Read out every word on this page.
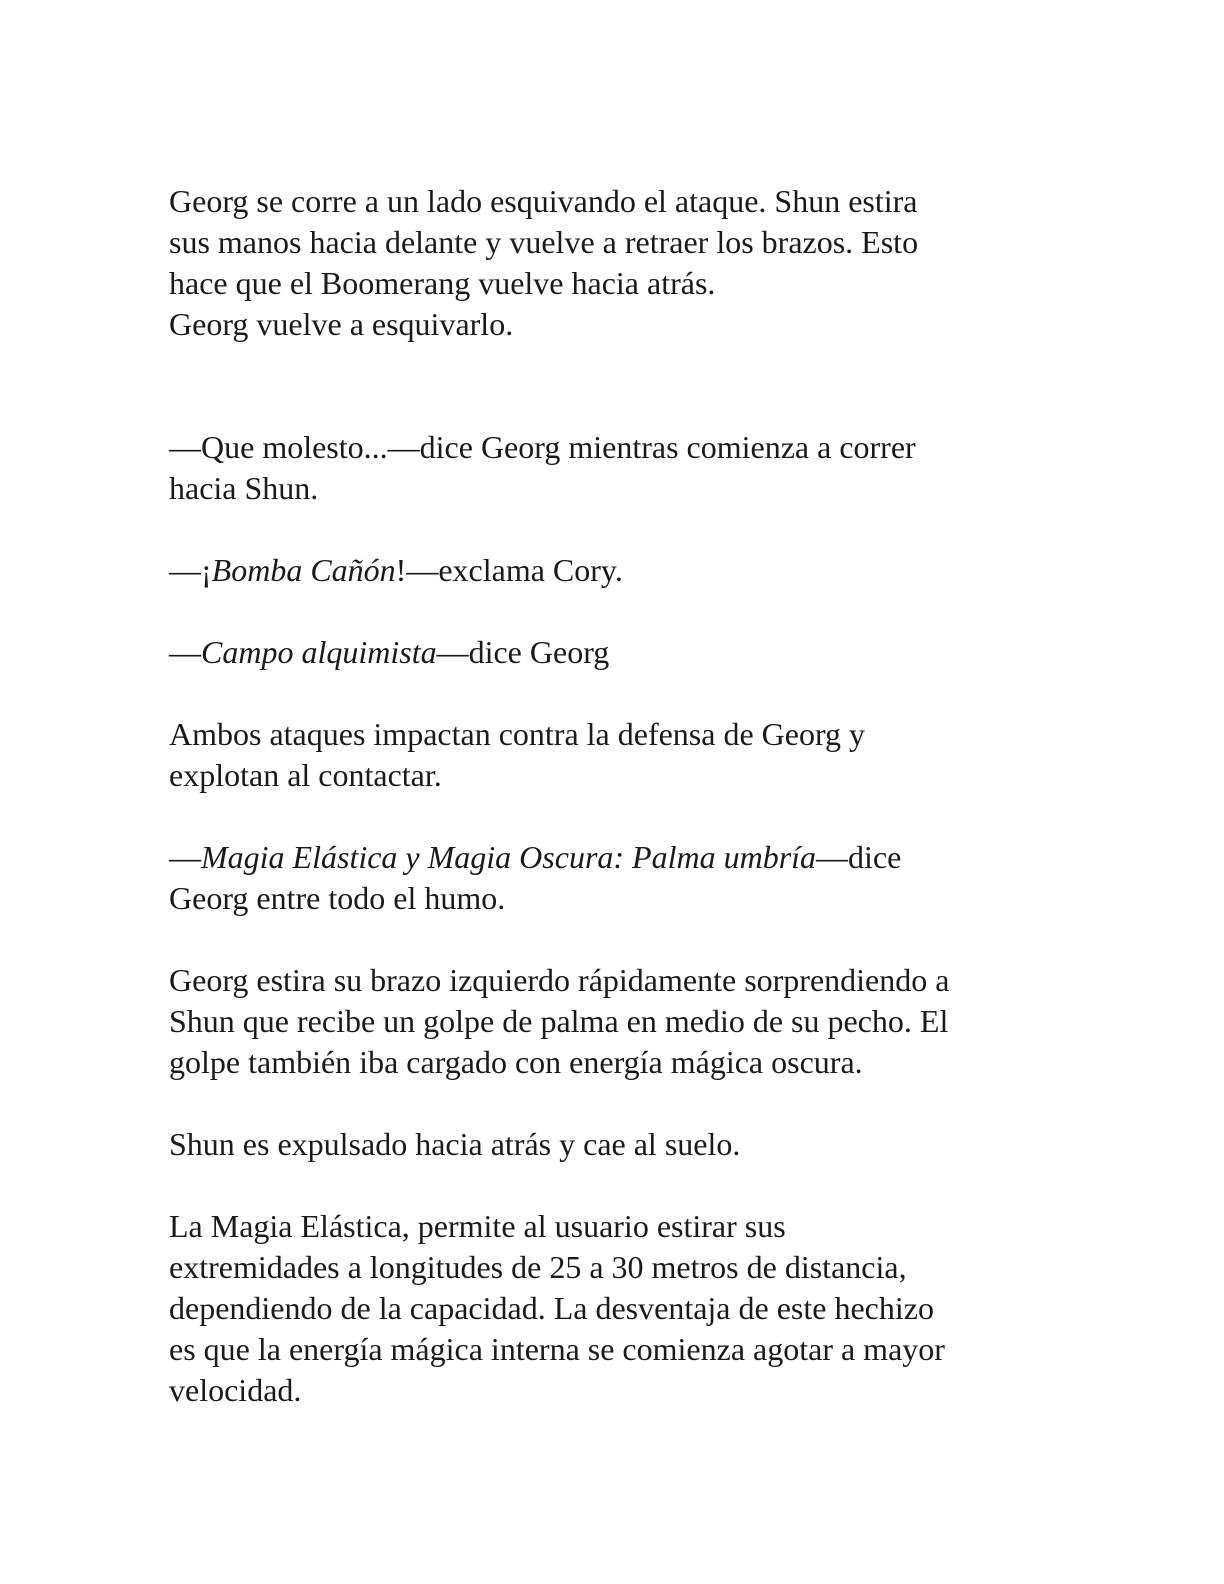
Georg se corre a un lado esquivando el ataque. Shun estira
sus manos hacia delante y vuelve a retraer los brazos. Esto
hace que el Boomerang vuelve hacia atrás.
Georg vuelve a esquivarlo.

—Que molesto...—dice Georg mientras comienza a correr
hacia Shun.

—¡Bomba Cañón!—exclama Cory.

—Campo alquimista—dice Georg

Ambos ataques impactan contra la defensa de Georg y
explotan al contactar.

—Magia Elástica y Magia Oscura: Palma umbría—dice
Georg entre todo el humo.

Georg estira su brazo izquierdo rápidamente sorprendiendo a
Shun que recibe un golpe de palma en medio de su pecho. El
golpe también iba cargado con energía mágica oscura.

Shun es expulsado hacia atrás y cae al suelo.

La Magia Elástica, permite al usuario estirar sus
extremidades a longitudes de 25 a 30 metros de distancia,
dependiendo de la capacidad. La desventaja de este hechizo
es que la energía mágica interna se comienza agotar a mayor
velocidad.
